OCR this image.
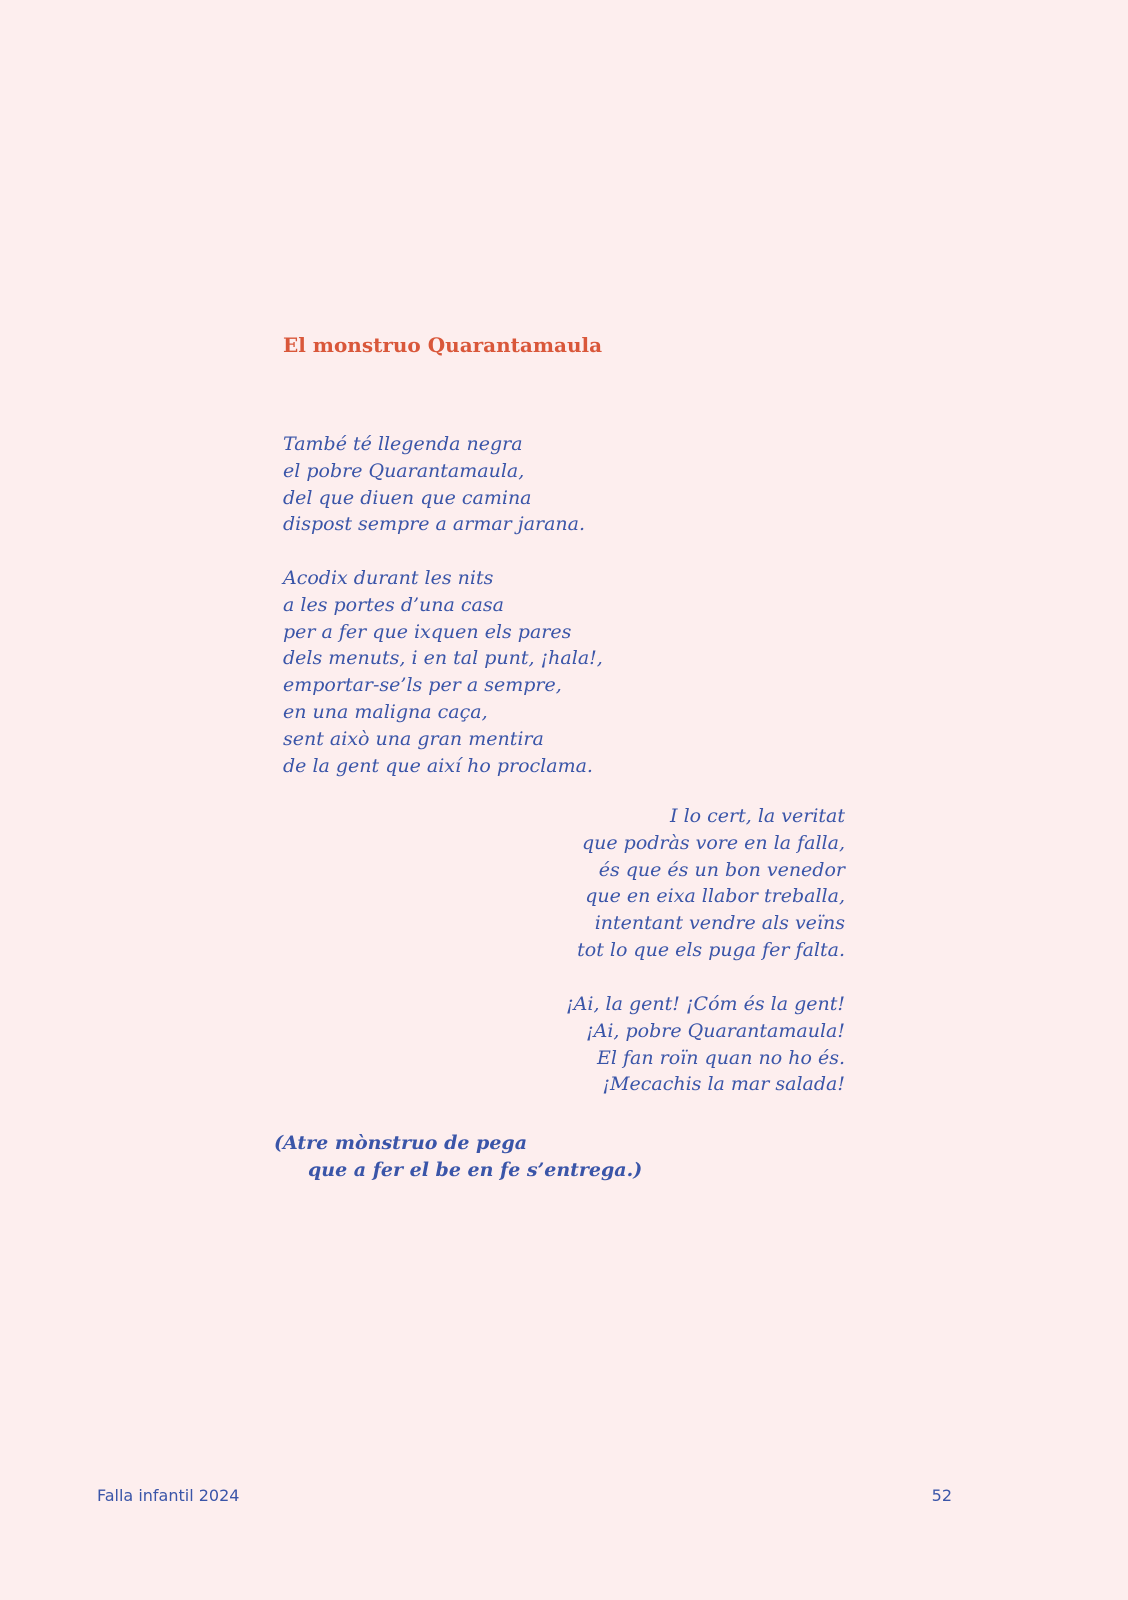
El monstruo Quarantamaula
També té llegenda negra
el pobre Quarantamaula,
del que diuen que camina
dispost sempre a armar jarana.
Acodix durant les nits
a les portes d’una casa
per a fer que ixquen els pares
dels menuts, i en tal punt, ¡hala!,
emportar-se’ls per a sempre,
en una maligna caça,
sent això una gran mentira
de la gent que així ho proclama.
I lo cert, la veritat
que podràs vore en la falla,
és que és un bon venedor
que en eixa llabor treballa,
intentant vendre als veïns
tot lo que els puga fer falta.
¡Ai, la gent! ¡Cóm és la gent!
¡Ai, pobre Quarantamaula!
El fan roïn quan no ho és.
¡Mecachis la mar salada!
(Atre mònstruo de pega
que a fer el be en fe s’entrega.)
Falla infantil 2024	52
